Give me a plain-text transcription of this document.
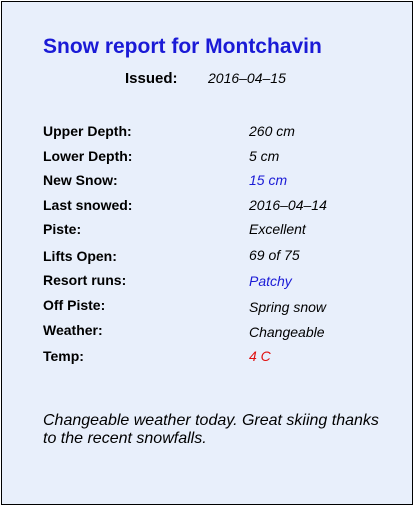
Snow report for Montchavin
Issued: 2016–04–15
Upper Depth:	260 cm
Lower Depth:	5 cm
New Snow:	15 cm
Last snowed:	2016–04–14
Piste:	Excellent
Lifts Open:	69 of 75
Resort runs:	Patchy
Off Piste:	Spring snow
Weather:	Changeable
Temp:	4 C
Changeable weather today. Great skiing thanks to the recent snowfalls.
